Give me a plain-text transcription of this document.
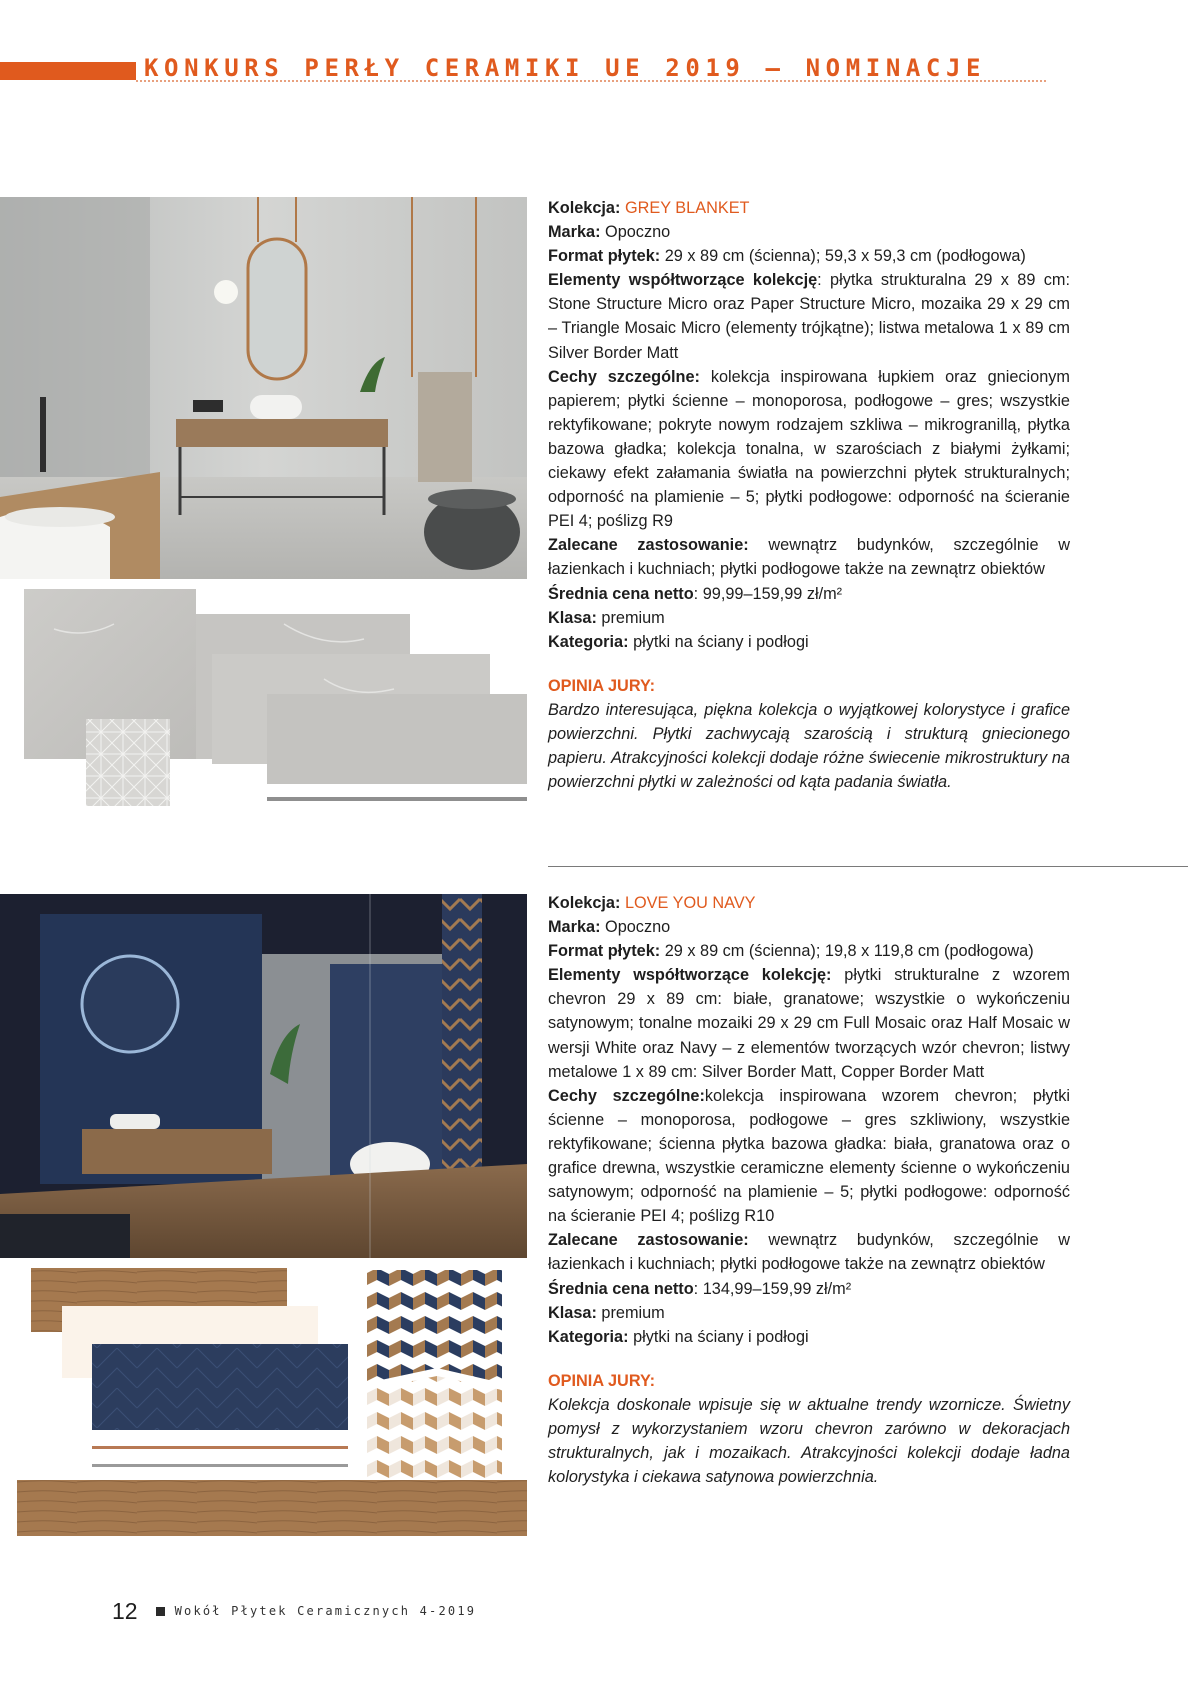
KONKURS PERŁY CERAMIKI UE 2019 – NOMINACJE

Kolekcja: GREY BLANKET

Marka: Opoczno

Format płytek: 29 x 89 cm (ścienna); 59,3 x 59,3 cm (podłogowa)

Elementy współtworzące kolekcję: płytka strukturalna 29 x 89 cm: Stone Structure Micro oraz Paper Structure Micro, mozaika 29 x 29 cm – Triangle Mosaic Micro (elementy trójkątne); listwa metalowa 1 x 89 cm Silver Border Matt

Cechy szczególne: kolekcja inspirowana łupkiem oraz gniecionym papierem; płytki ścienne – monoporosa, podłogowe – gres; wszystkie rektyfikowane; pokryte nowym rodzajem szkliwa – mikrogranillą, płytka bazowa gładka; kolekcja tonalna, w szarościach z białymi żyłkami; ciekawy efekt załamania światła na powierzchni płytek strukturalnych; odporność na plamienie – 5; płytki podłogowe: odporność na ścieranie PEI 4; poślizg R9

Zalecane zastosowanie: wewnątrz budynków, szczególnie w łazienkach i kuchniach; płytki podłogowe także na zewnątrz obiektów

Średnia cena netto: 99,99–159,99 zł/m²

Klasa: premium

Kategoria: płytki na ściany i podłogi

OPINIA JURY:

Bardzo interesująca, piękna kolekcja o wyjątkowej kolorystyce i grafice powierzchni. Płytki zachwycają szarością i strukturą gniecionego papieru. Atrakcyjności kolekcji dodaje różne świecenie mikrostruktury na powierzchni płytki w zależności od kąta padania światła.

Kolekcja: LOVE YOU NAVY

Marka: Opoczno

Format płytek: 29 x 89 cm (ścienna); 19,8 x 119,8 cm (podłogowa)

Elementy współtworzące kolekcję: płytki strukturalne z wzorem chevron 29 x 89 cm: białe, granatowe; wszystkie o wykończeniu satynowym; tonalne mozaiki 29 x 29 cm Full Mosaic oraz Half Mosaic w wersji White oraz Navy – z elementów tworzących wzór chevron; listwy metalowe 1 x 89 cm: Silver Border Matt, Copper Border Matt

Cechy szczególne:kolekcja inspirowana wzorem chevron; płytki ścienne – monoporosa, podłogowe – gres szkliwiony, wszystkie rektyfikowane; ścienna płytka bazowa gładka: biała, granatowa oraz o grafice drewna, wszystkie ceramiczne elementy ścienne o wykończeniu satynowym; odporność na plamienie – 5; płytki podłogowe: odporność na ścieranie PEI 4; poślizg R10

Zalecane zastosowanie: wewnątrz budynków, szczególnie w łazienkach i kuchniach; płytki podłogowe także na zewnątrz obiektów

Średnia cena netto: 134,99–159,99 zł/m²

Klasa: premium

Kategoria: płytki na ściany i podłogi

OPINIA JURY:

Kolekcja doskonale wpisuje się w aktualne trendy wzornicze. Świetny pomysł z wykorzystaniem wzoru chevron zarówno w dekoracjach strukturalnych, jak i mozaikach. Atrakcyjności kolekcji dodaje ładna kolorystyka i ciekawa satynowa powierzchnia.

12	Wokół Płytek Ceramicznych 4-2019
